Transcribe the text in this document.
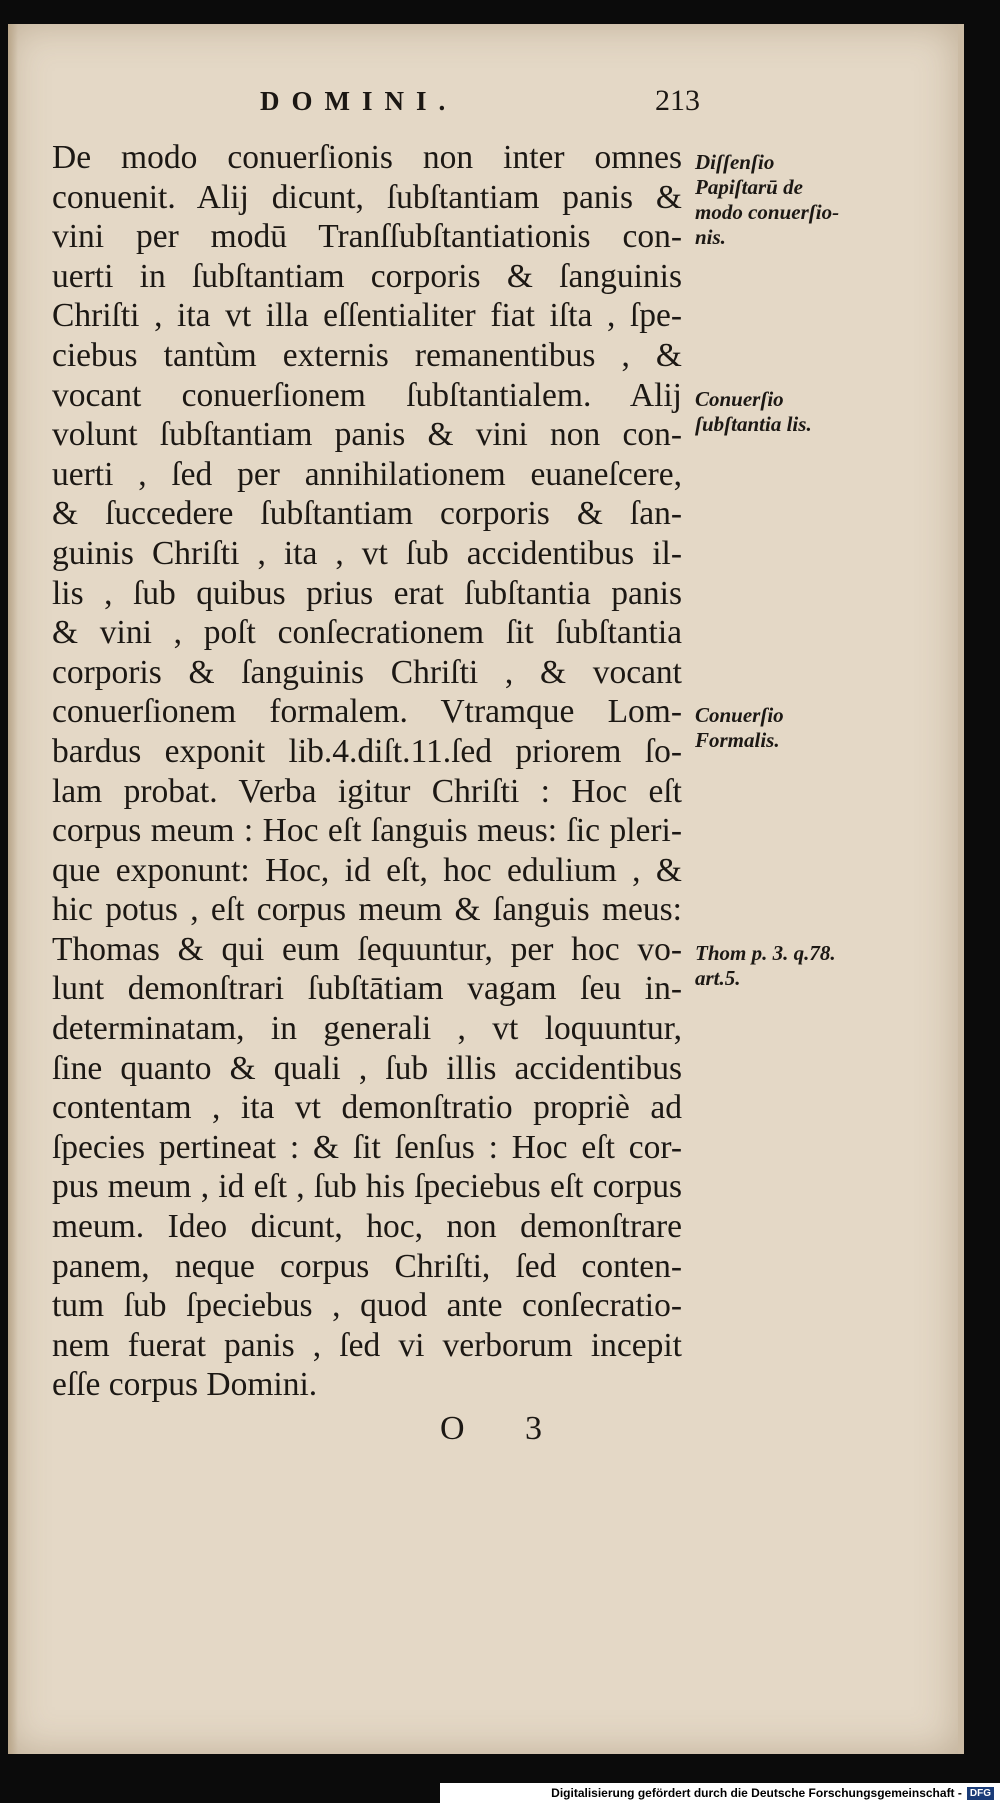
DOMINI.	213
De modo conuerſionis non inter omnes
conuenit. Alij dicunt, ſubſtantiam panis &
vini per modū Tranſſubſtantiationis con-
uerti in ſubſtantiam corporis & ſanguinis
Chriſti , ita vt illa eſſentialiter fiat iſta , ſpe-
ciebus tantùm externis remanentibus , &
vocant conuerſionem ſubſtantialem. Alij
volunt ſubſtantiam panis & vini non con-
uerti , ſed per annihilationem euaneſcere,
& ſuccedere ſubſtantiam corporis & ſan-
guinis Chriſti , ita , vt ſub accidentibus il-
lis , ſub quibus prius erat ſubſtantia panis
& vini , poſt conſecrationem ſit ſubſtantia
corporis & ſanguinis Chriſti , & vocant
conuerſionem formalem. Vtramque Lom-
bardus exponit lib.4.diſt.11.ſed priorem ſo-
lam probat. Verba igitur Chriſti : Hoc eſt
corpus meum : Hoc eſt ſanguis meus: ſic pleri-
que exponunt: Hoc, id eſt, hoc edulium , &
hic potus , eſt corpus meum & ſanguis meus:
Thomas & qui eum ſequuntur, per hoc vo-
lunt demonſtrari ſubſtātiam vagam ſeu in-
determinatam, in generali , vt loquuntur,
ſine quanto & quali , ſub illis accidentibus
contentam , ita vt demonſtratio propriè ad
ſpecies pertineat : & ſit ſenſus : Hoc eſt cor-
pus meum , id eſt , ſub his ſpeciebus eſt corpus
meum. Ideo dicunt, hoc, non demonſtrare
panem, neque corpus Chriſti, ſed conten-
tum ſub ſpeciebus , quod ante conſecratio-
nem fuerat panis , ſed vi verborum incepit
eſſe corpus Domini.
Diſſenſio Papiſtarū de modo conuerſio-nis.
Conuerſio ſubſtantia lis.
Conuerſio Formalis.
Thom p. 3. q.78. art.5.
O 3
Digitalisierung gefördert durch die Deutsche Forschungsgemeinschaft - DFG
